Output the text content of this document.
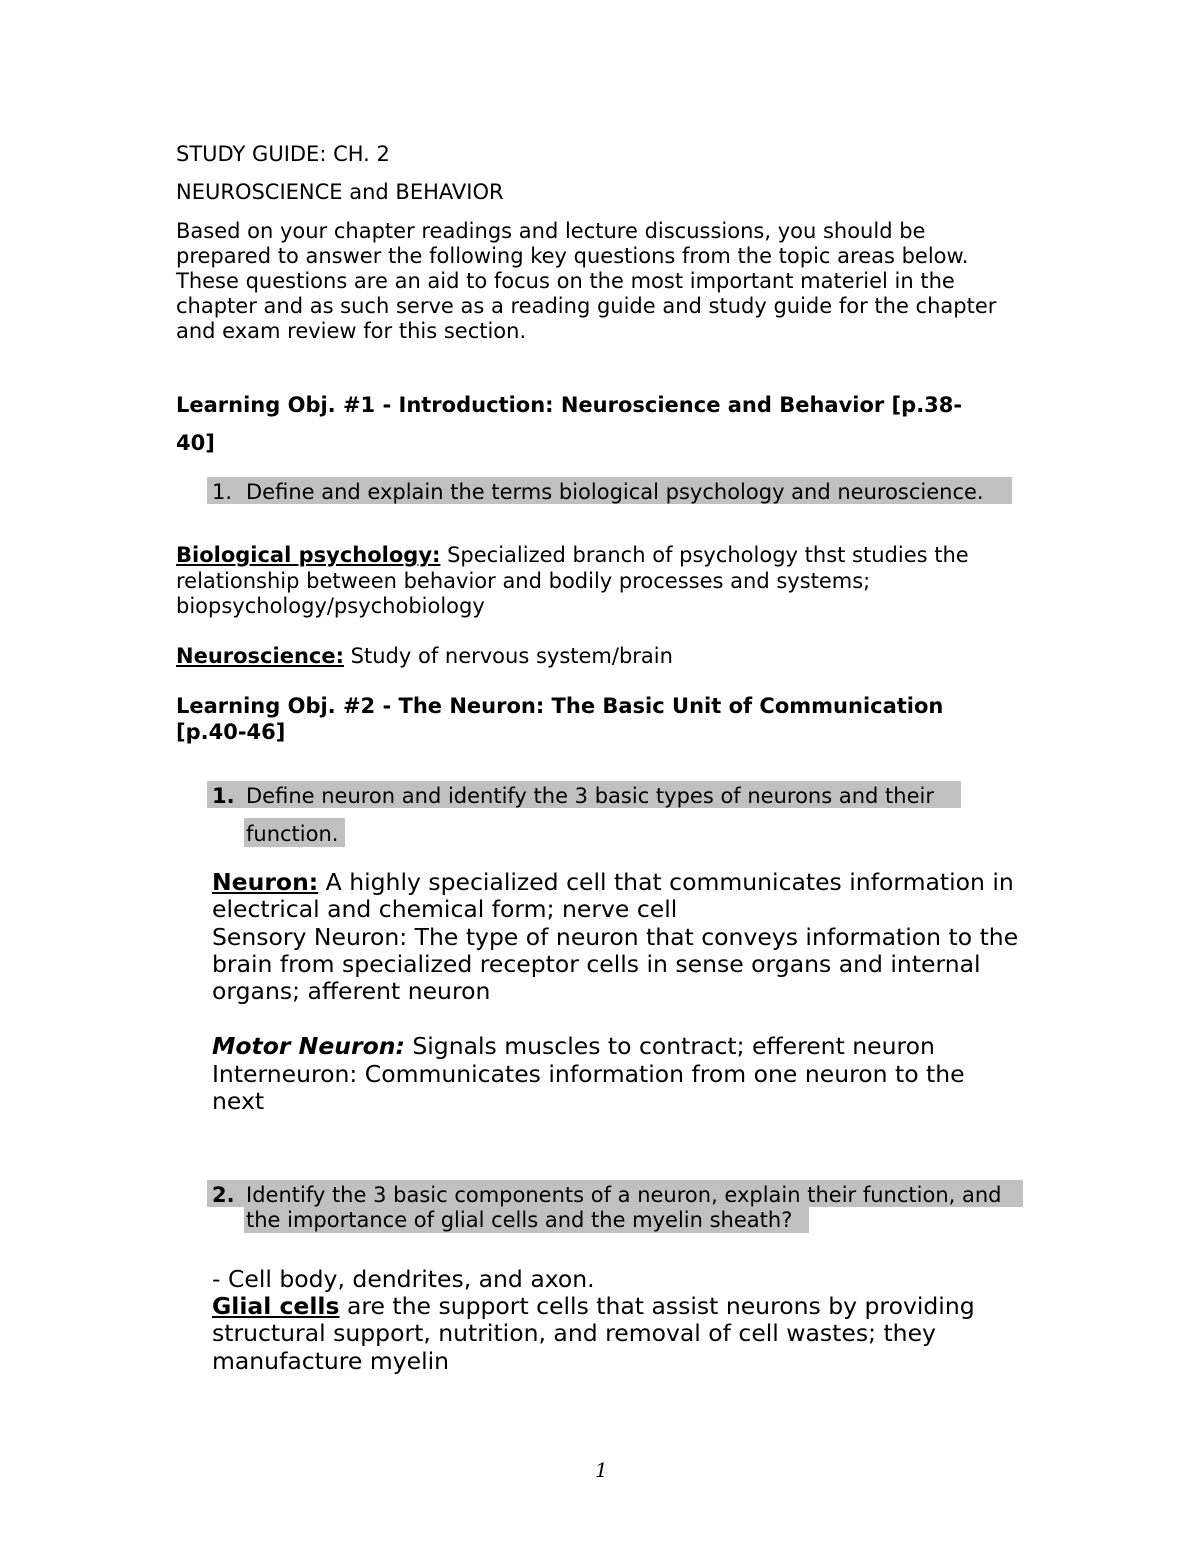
STUDY GUIDE: CH. 2

NEUROSCIENCE and BEHAVIOR

Based on your chapter readings and lecture discussions, you should be

prepared to answer the following key questions from the topic areas below.

These questions are an aid to focus on the most important materiel in the

chapter and as such serve as a reading guide and study guide for the chapter

and exam review for this section.

Learning Obj. #1 - Introduction: Neuroscience and Behavior [p.38-

40]

1. Define and explain the terms biological psychology and neuroscience.

Biological psychology: Specialized branch of psychology thst studies the

relationship between behavior and bodily processes and systems;

biopsychology/psychobiology

Neuroscience: Study of nervous system/brain

Learning Obj. #2 - The Neuron: The Basic Unit of Communication

[p.40-46]

1. Define neuron and identify the 3 basic types of neurons and their

function.

Neuron: A highly specialized cell that communicates information in

electrical and chemical form; nerve cell

Sensory Neuron: The type of neuron that conveys information to the

brain from specialized receptor cells in sense organs and internal

organs; afferent neuron

Motor Neuron: Signals muscles to contract; efferent neuron

Interneuron: Communicates information from one neuron to the

next

2. Identify the 3 basic components of a neuron, explain their function, and

the importance of glial cells and the myelin sheath?

- Cell body, dendrites, and axon.

Glial cells are the support cells that assist neurons by providing

structural support, nutrition, and removal of cell wastes; they

manufacture myelin

1
